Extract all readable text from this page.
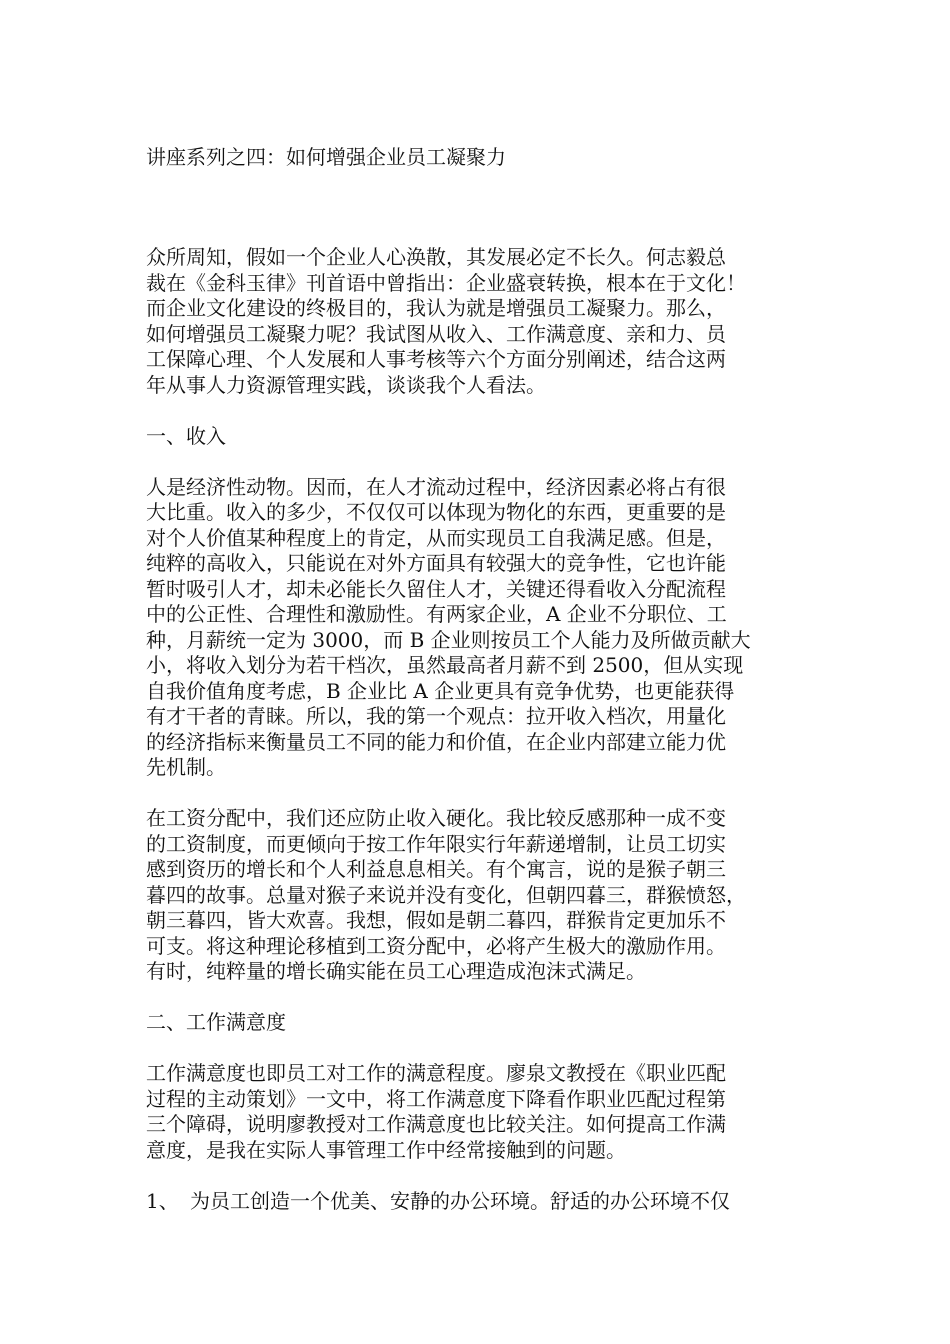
讲座系列之四：如何增强企业员工凝聚力
众所周知，假如一个企业人心涣散，其发展必定不长久。何志毅总
裁在《金科玉律》刊首语中曾指出：企业盛衰转换，根本在于文化！
而企业文化建设的终极目的，我认为就是增强员工凝聚力。那么，
如何增强员工凝聚力呢？我试图从收入、工作满意度、亲和力、员
工保障心理、个人发展和人事考核等六个方面分别阐述，结合这两
年从事人力资源管理实践，谈谈我个人看法。
一、收入
人是经济性动物。因而，在人才流动过程中，经济因素必将占有很
大比重。收入的多少，不仅仅可以体现为物化的东西，更重要的是
对个人价值某种程度上的肯定，从而实现员工自我满足感。但是，
纯粹的高收入，只能说在对外方面具有较强大的竞争性，它也许能
暂时吸引人才，却未必能长久留住人才，关键还得看收入分配流程
中的公正性、合理性和激励性。有两家企业，A 企业不分职位、工
种，月薪统一定为 3000，而 B 企业则按员工个人能力及所做贡献大
小，将收入划分为若干档次，虽然最高者月薪不到 2500，但从实现
自我价值角度考虑，B 企业比 A 企业更具有竞争优势，也更能获得
有才干者的青睐。所以，我的第一个观点：拉开收入档次，用量化
的经济指标来衡量员工不同的能力和价值，在企业内部建立能力优
先机制。
在工资分配中，我们还应防止收入硬化。我比较反感那种一成不变
的工资制度，而更倾向于按工作年限实行年薪递增制，让员工切实
感到资历的增长和个人利益息息相关。有个寓言，说的是猴子朝三
暮四的故事。总量对猴子来说并没有变化，但朝四暮三，群猴愤怒，
朝三暮四，皆大欢喜。我想，假如是朝二暮四，群猴肯定更加乐不
可支。将这种理论移植到工资分配中，必将产生极大的激励作用。
有时，纯粹量的增长确实能在员工心理造成泡沫式满足。
二、工作满意度
工作满意度也即员工对工作的满意程度。廖泉文教授在《职业匹配
过程的主动策划》一文中，将工作满意度下降看作职业匹配过程第
三个障碍，说明廖教授对工作满意度也比较关注。如何提高工作满
意度，是我在实际人事管理工作中经常接触到的问题。
1、 为员工创造一个优美、安静的办公环境。舒适的办公环境不仅
